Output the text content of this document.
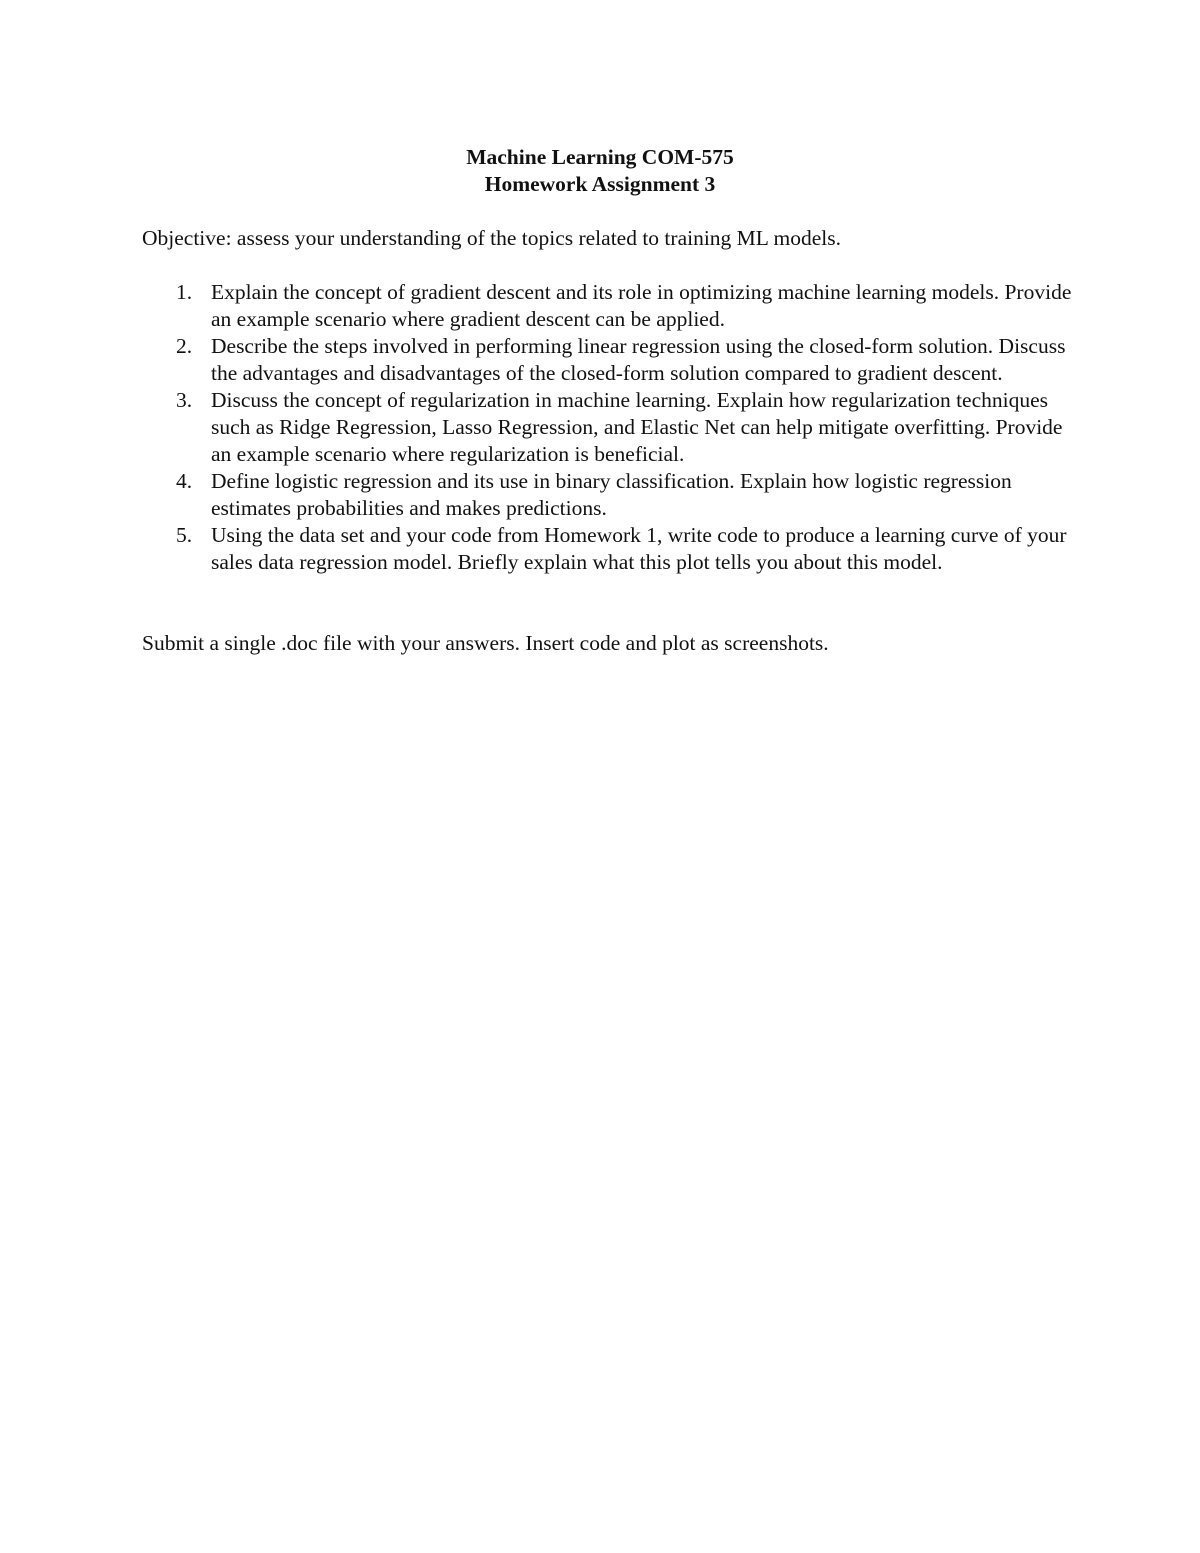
Machine Learning COM-575
Homework Assignment 3
Objective: assess your understanding of the topics related to training ML models.
1. Explain the concept of gradient descent and its role in optimizing machine learning models. Provide an example scenario where gradient descent can be applied.
2. Describe the steps involved in performing linear regression using the closed-form solution. Discuss the advantages and disadvantages of the closed-form solution compared to gradient descent.
3. Discuss the concept of regularization in machine learning. Explain how regularization techniques such as Ridge Regression, Lasso Regression, and Elastic Net can help mitigate overfitting. Provide an example scenario where regularization is beneficial.
4. Define logistic regression and its use in binary classification. Explain how logistic regression estimates probabilities and makes predictions.
5. Using the data set and your code from Homework 1, write code to produce a learning curve of your sales data regression model. Briefly explain what this plot tells you about this model.
Submit a single .doc file with your answers. Insert code and plot as screenshots.
